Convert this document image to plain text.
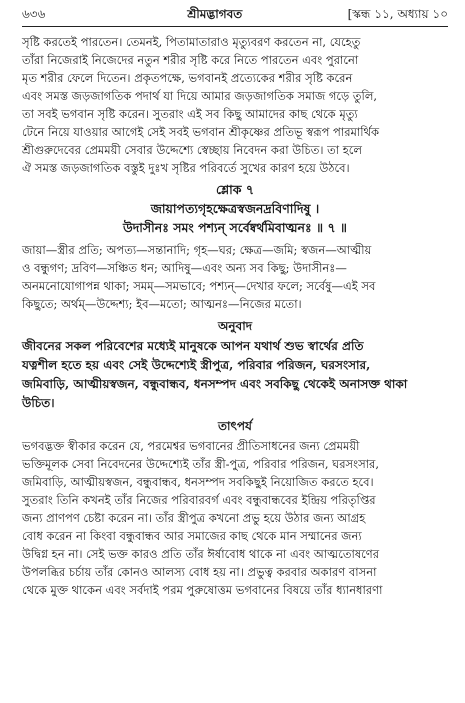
৬৩৬	শ্রীমদ্ভাগবত	[স্কন্ধ ১১, অধ্যায় ১০

সৃষ্টি করতেই পারতেন। তেমনই, পিতামাতারাও মৃত্যুবরণ করতেন না, যেহেতু

তাঁরা নিজেরাই নিজেদের নতুন শরীর সৃষ্টি করে নিতে পারতেন এবং পুরানো

মৃত শরীর ফেলে দিতেন। প্রকৃতপক্ষে, ভগবানই প্রত্যেকের শরীর সৃষ্টি করেন

এবং সমস্ত জড়জাগতিক পদার্থ যা দিয়ে আমার জড়জাগতিক সমাজ গড়ে তুলি,

তা সবই ভগবান সৃষ্টি করেন। সুতরাং এই সব কিছু আমাদের কাছ থেকে মৃত্যু

টেনে নিয়ে যাওয়ার আগেই সেই সবই ভগবান শ্রীকৃষ্ণের প্রতিভূ স্বরূপ পারমার্থিক

শ্রীগুরুদেবের প্রেমময়ী সেবার উদ্দেশ্যে স্বেচ্ছায় নিবেদন করা উচিত। তা হলে

ঐ সমস্ত জড়জাগতিক বস্তুই দুঃখ সৃষ্টির পরিবর্তে সুখের কারণ হয়ে উঠবে।

শ্লোক ৭

জায়াপত্যগৃহক্ষেত্রস্বজনদ্রবিণাদিষু ।

উদাসীনঃ সমং পশ্যন্ সর্বেষ্বর্থমিবাত্মনঃ ॥ ৭ ॥

জায়া—স্ত্রীর প্রতি; অপত্য—সন্তানাদি; গৃহ—ঘর; ক্ষেত্র—জমি; স্বজন—আত্মীয়

ও বন্ধুগণ; দ্রবিণ—সঞ্চিত ধন; আদিষু—এবং অন্য সব কিছু; উদাসীনঃ—

অনমনোযোগাপন্ন থাকা; সমম্—সমভাবে; পশ্যন্—দেখার ফলে; সর্বেষু—এই সব

কিছুতে; অর্থম্—উদ্দেশ্য; ইব—মতো; আত্মনঃ—নিজের মতো।

অনুবাদ

জীবনের সকল পরিবেশের মধ্যেই মানুষকে আপন যথার্থ শুভ স্বার্থের প্রতি

যত্নশীল হতে হয় এবং সেই উদ্দেশ্যেই স্ত্রীপুত্র, পরিবার পরিজন, ঘরসংসার,

জমিবাড়ি, আত্মীয়স্বজন, বন্ধুবান্ধব, ধনসম্পদ এবং সবকিছু থেকেই অনাসক্ত থাকা

উচিত।

তাৎপর্য

ভগবদ্ভক্ত স্বীকার করেন যে, পরমেশ্বর ভগবানের প্রীতিসাধনের জন্য প্রেমময়ী

ভক্তিমূলক সেবা নিবেদনের উদ্দেশ্যেই তাঁর স্ত্রী-পুত্র, পরিবার পরিজন, ঘরসংসার,

জমিবাড়ি, আত্মীয়স্বজন, বন্ধুবান্ধব, ধনসম্পদ সবকিছুই নিয়োজিত করতে হবে।

সুতরাং তিনি কখনই তাঁর নিজের পরিবারবর্গ এবং বন্ধুবান্ধবের ইন্দ্রিয় পরিতৃপ্তির

জন্য প্রাণপণ চেষ্টা করেন না। তাঁর স্ত্রীপুত্র কখনো প্রভু হয়ে উঠার জন্য আগ্রহ

বোধ করেন না কিংবা বন্ধুবান্ধব আর সমাজের কাছ থেকে মান সম্মানের জন্য

উদ্বিগ্ন হন না। সেই ভক্ত কারও প্রতি তাঁর ঈর্ষাবোধ থাকে না এবং আত্মতোষণের

উপলব্ধির চর্চায় তাঁর কোনও আলস্য বোধ হয় না। প্রভুত্ব করবার অকারণ বাসনা

থেকে মুক্ত থাকেন এবং সর্বদাই পরম পুরুষোত্তম ভগবানের বিষয়ে তাঁর ধ্যানধারণা
